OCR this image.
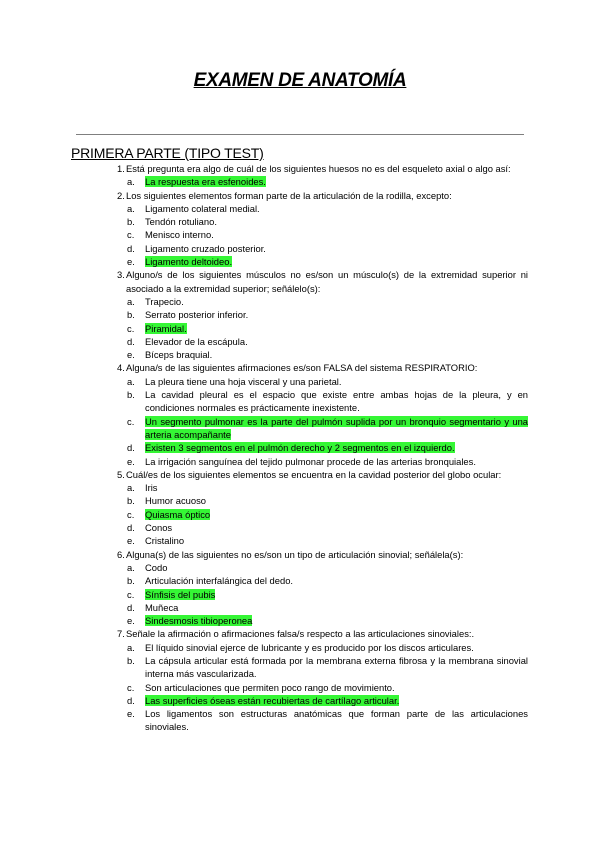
EXAMEN DE ANATOMÍA
PRIMERA PARTE (TIPO TEST)
1. Está pregunta era algo de cuál de los siguientes huesos no es del esqueleto axial o algo así:
a. La respuesta era esfenoides.
2. Los siguientes elementos forman parte de la articulación de la rodilla, excepto:
a. Ligamento colateral medial.
b. Tendón rotuliano.
c. Menisco interno.
d. Ligamento cruzado posterior.
e. Ligamento deltoideo.
3. Alguno/s de los siguientes músculos no es/son un músculo(s) de la extremidad superior ni asociado a la extremidad superior; señálelo(s):
a. Trapecio.
b. Serrato posterior inferior.
c. Piramidal.
d. Elevador de la escápula.
e. Bíceps braquial.
4. Alguna/s de las siguientes afirmaciones es/son FALSA del sistema RESPIRATORIO:
a. La pleura tiene una hoja visceral y una parietal.
b. La cavidad pleural es el espacio que existe entre ambas hojas de la pleura, y en condiciones normales es prácticamente inexistente.
c. Un segmento pulmonar es la parte del pulmón suplida por un bronquio segmentario y una arteria acompañante
d. Existen 3 segmentos en el pulmón derecho y 2 segmentos en el izquierdo.
e. La irrigación sanguínea del tejido pulmonar procede de las arterias bronquiales.
5. Cuál/es de los siguientes elementos se encuentra en la cavidad posterior del globo ocular:
a. Iris
b. Humor acuoso
c. Quiasma óptico
d. Conos
e. Cristalino
6. Alguna(s) de las siguientes no es/son un tipo de articulación sinovial; señálela(s):
a. Codo
b. Articulación interfalángica del dedo.
c. Sínfisis del pubis
d. Muñeca
e. Sindesmosis tibioperonea
7. Señale la afirmación o afirmaciones falsa/s respecto a las articulaciones sinoviales:.
a. El líquido sinovial ejerce de lubricante y es producido por los discos articulares.
b. La cápsula articular está formada por la membrana externa fibrosa y la membrana sinovial interna más vascularizada.
c. Son articulaciones que permiten poco rango de movimiento.
d. Las superficies óseas están recubiertas de cartílago articular.
e. Los ligamentos son estructuras anatómicas que forman parte de las articulaciones sinoviales.
